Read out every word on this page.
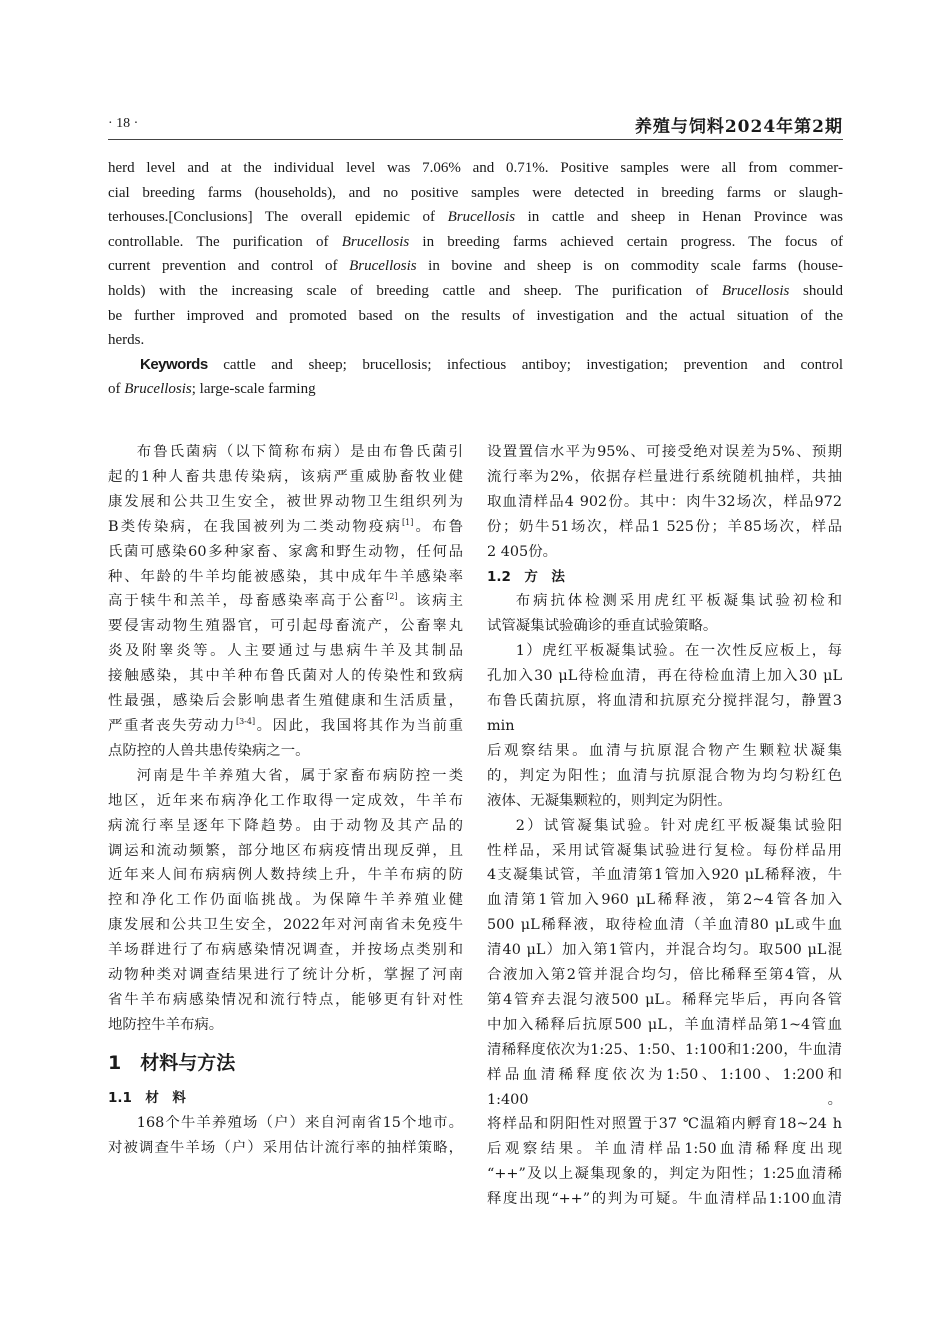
· 18 ·	养殖与饲料2024年第2期
herd level and at the individual level was 7.06% and 0.71%. Positive samples were all from commer-
cial breeding farms (households), and no positive samples were detected in breeding farms or slaugh-
terhouses.[Conclusions] The overall epidemic of Brucellosis in cattle and sheep in Henan Province was
controllable. The purification of Brucellosis in breeding farms achieved certain progress. The focus of
current prevention and control of Brucellosis in bovine and sheep is on commodity scale farms (house-
holds) with the increasing scale of breeding cattle and sheep. The purification of Brucellosis should
be further improved and promoted based on the results of investigation and the actual situation of the
herds.
Keywords cattle and sheep; brucellosis; infectious antiboy; investigation; prevention and control
of Brucellosis; large-scale farming

布鲁氏菌病（以下简称布病）是由布鲁氏菌引

起的1种人畜共患传染病，该病严重威胁畜牧业健

康发展和公共卫生安全，被世界动物卫生组织列为

B类传染病，在我国被列为二类动物疫病[1]。布鲁

氏菌可感染60多种家畜、家禽和野生动物，任何品

种、年龄的牛羊均能被感染，其中成年牛羊感染率

高于犊牛和羔羊，母畜感染率高于公畜[2]。该病主

要侵害动物生殖器官，可引起母畜流产，公畜睾丸

炎及附睾炎等。人主要通过与患病牛羊及其制品

接触感染，其中羊种布鲁氏菌对人的传染性和致病

性最强，感染后会影响患者生殖健康和生活质量，

严重者丧失劳动力[3-4]。因此，我国将其作为当前重

点防控的人兽共患传染病之一。

河南是牛羊养殖大省，属于家畜布病防控一类

地区，近年来布病净化工作取得一定成效，牛羊布

病流行率呈逐年下降趋势。由于动物及其产品的

调运和流动频繁，部分地区布病疫情出现反弹，且

近年来人间布病病例人数持续上升，牛羊布病的防

控和净化工作仍面临挑战。为保障牛羊养殖业健

康发展和公共卫生安全，2022年对河南省未免疫牛

羊场群进行了布病感染情况调查，并按场点类别和

动物种类对调查结果进行了统计分析，掌握了河南

省牛羊布病感染情况和流行特点，能够更有针对性

地防控牛羊布病。

1　材料与方法
1.1　材　料

168个牛羊养殖场（户）来自河南省15个地市。

对被调查牛羊场（户）采用估计流行率的抽样策略，

设置置信水平为95%、可接受绝对误差为5%、预期

流行率为2%，依据存栏量进行系统随机抽样，共抽

取血清样品4 902份。其中：肉牛32场次，样品972

份；奶牛51场次，样品1 525份；羊85场次，样品

2 405份。

1.2　方　法

布病抗体检测采用虎红平板凝集试验初检和

试管凝集试验确诊的垂直试验策略。

1）虎红平板凝集试验。在一次性反应板上，每

孔加入30 μL待检血清，再在待检血清上加入30 μL

布鲁氏菌抗原，将血清和抗原充分搅拌混匀，静置3 min

后观察结果。血清与抗原混合物产生颗粒状凝集

的，判定为阳性；血清与抗原混合物为均匀粉红色

液体、无凝集颗粒的，则判定为阴性。

2）试管凝集试验。针对虎红平板凝集试验阳

性样品，采用试管凝集试验进行复检。每份样品用

4支凝集试管，羊血清第1管加入920 μL稀释液，牛

血清第1管加入960 μL稀释液，第2~4管各加入

500 μL稀释液，取待检血清（羊血清80 μL或牛血

清40 μL）加入第1管内，并混合均匀。取500 μL混

合液加入第2管并混合均匀，倍比稀释至第4管，从

第4管弃去混匀液500 μL。稀释完毕后，再向各管

中加入稀释后抗原500 μL，羊血清样品第1~4管血

清稀释度依次为1:25、1:50、1:100和1:200，牛血清

样品血清稀释度依次为1:50、1:100、1:200和1:400。

将样品和阴阳性对照置于37 ℃温箱内孵育18~24 h

后观察结果。羊血清样品1:50血清稀释度出现

“++”及以上凝集现象的，判定为阳性；1:25血清稀

释度出现“++”的判为可疑。牛血清样品1:100血清
